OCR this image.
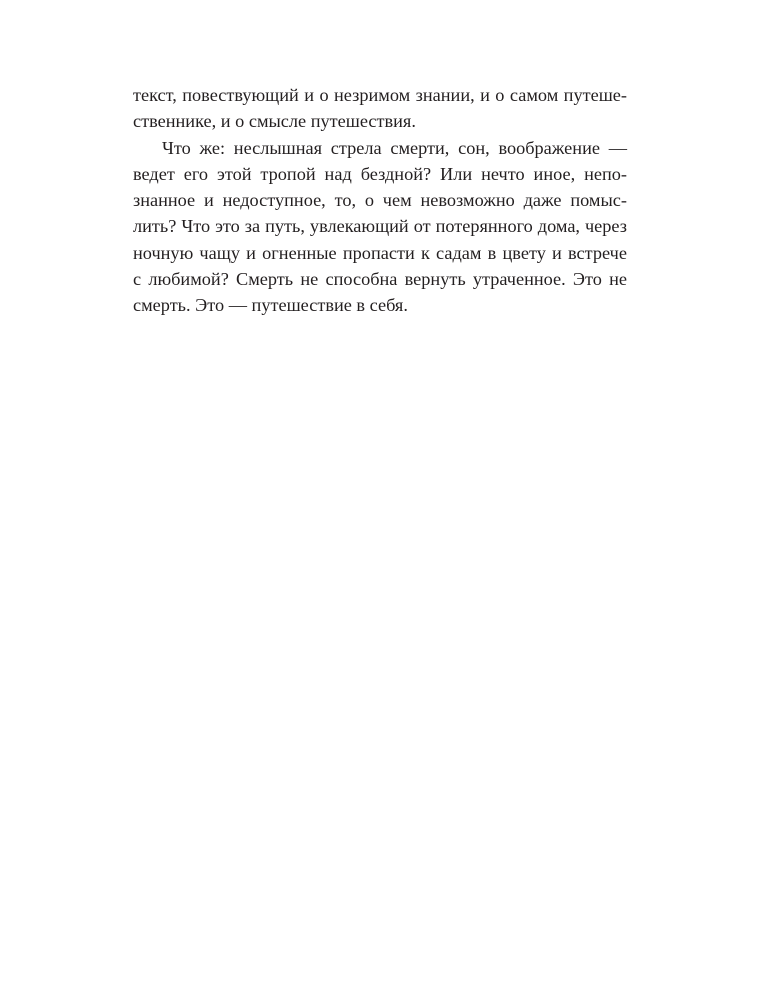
текст, повествующий и о незримом знании, и о самом путеше-
ственнике, и о смысле путешествия.
Что же: неслышная стрела смерти, сон, воображение —
ведет его этой тропой над бездной? Или нечто иное, непо-
знанное и недоступное, то, о чем невозможно даже помыс-
лить? Что это за путь, увлекающий от потерянного дома, через
ночную чащу и огненные пропасти к садам в цвету и встрече
с любимой? Смерть не способна вернуть утраченное. Это не
смерть. Это — путешествие в себя.
